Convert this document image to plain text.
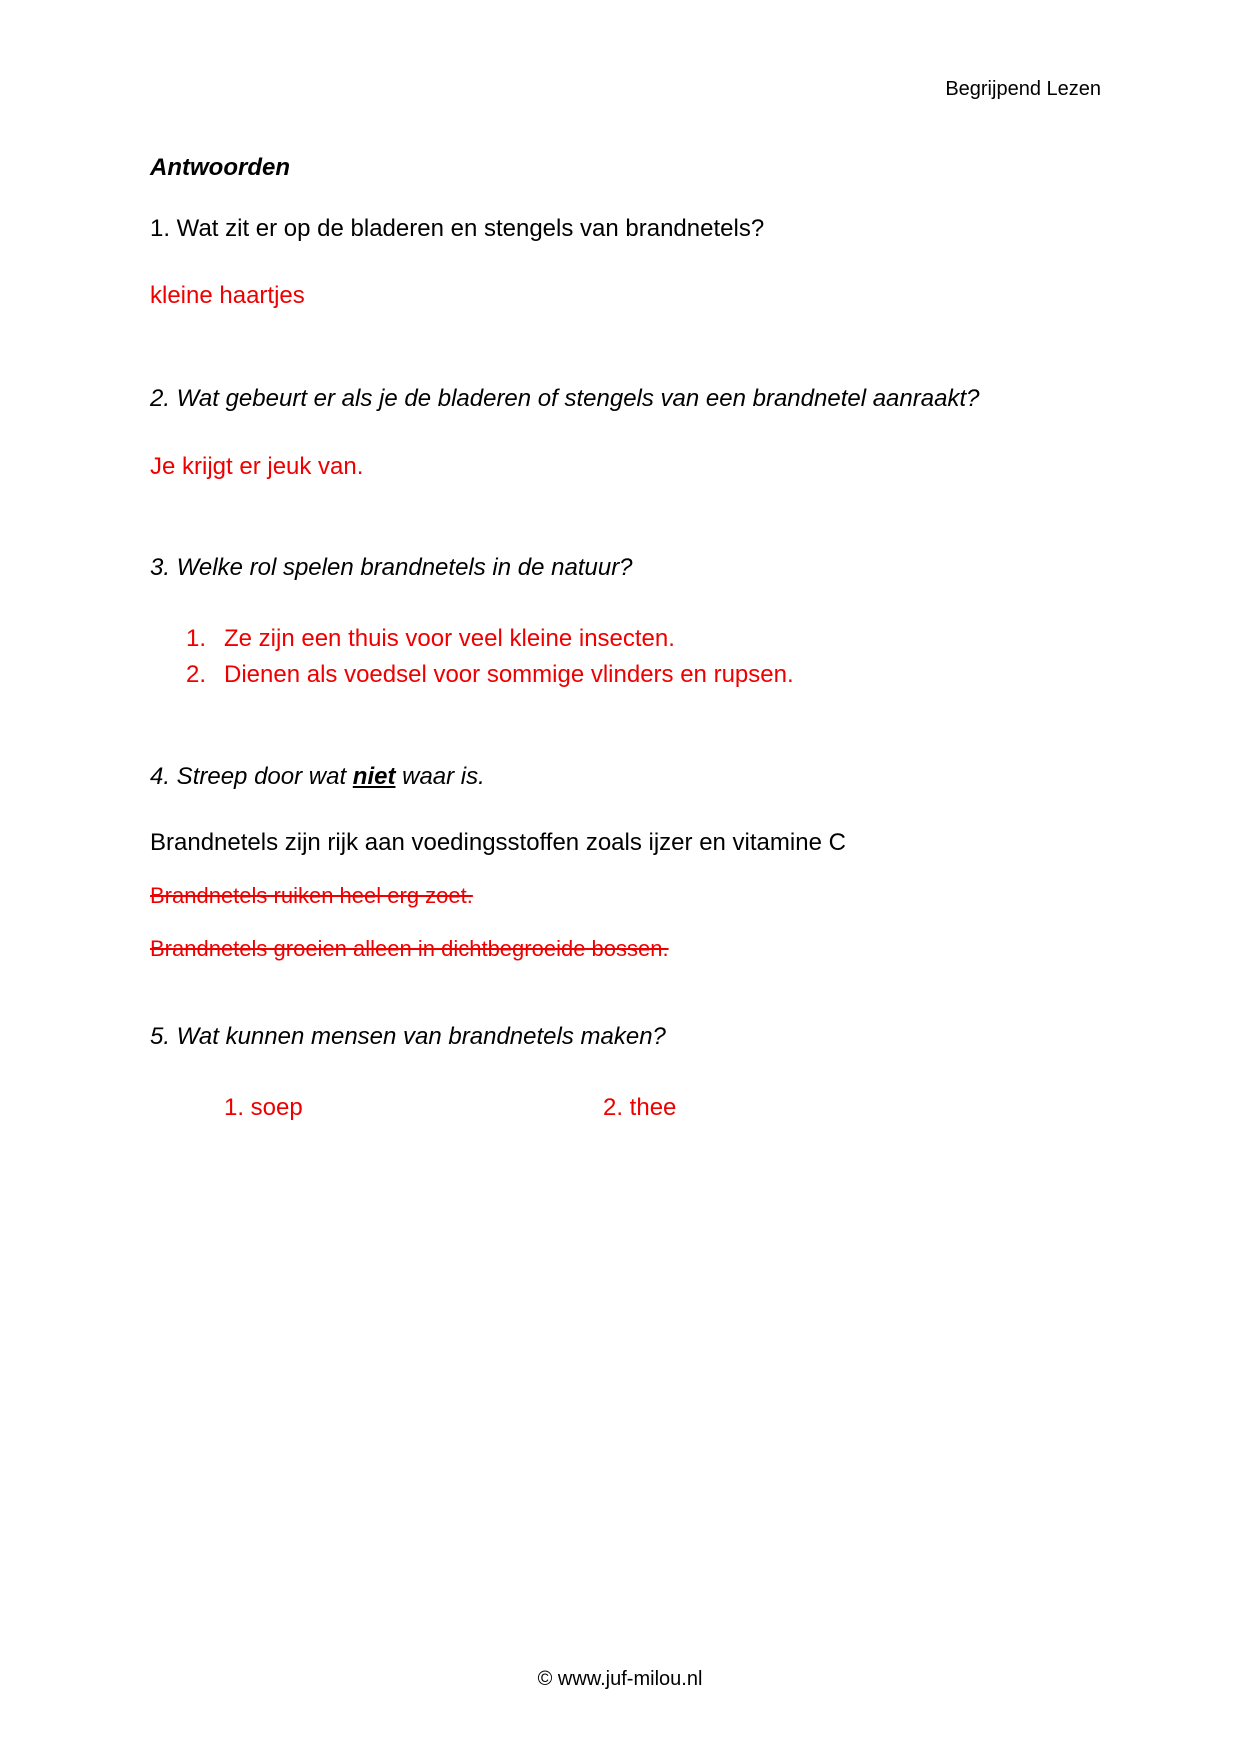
Begrijpend Lezen
Antwoorden
1. Wat zit er op de bladeren en stengels van brandnetels?
kleine haartjes
2. Wat gebeurt er als je de bladeren of stengels van een brandnetel aanraakt?
Je krijgt er jeuk van.
3. Welke rol spelen brandnetels in de natuur?
1. Ze zijn een thuis voor veel kleine insecten.
2. Dienen als voedsel voor sommige vlinders en rupsen.
4. Streep door wat niet waar is.
Brandnetels zijn rijk aan voedingsstoffen zoals ijzer en vitamine C
Brandnetels ruiken heel erg zoet.
Brandnetels groeien alleen in dichtbegroeide bossen.
5. Wat kunnen mensen van brandnetels maken?
1. soep	2. thee
© www.juf-milou.nl
